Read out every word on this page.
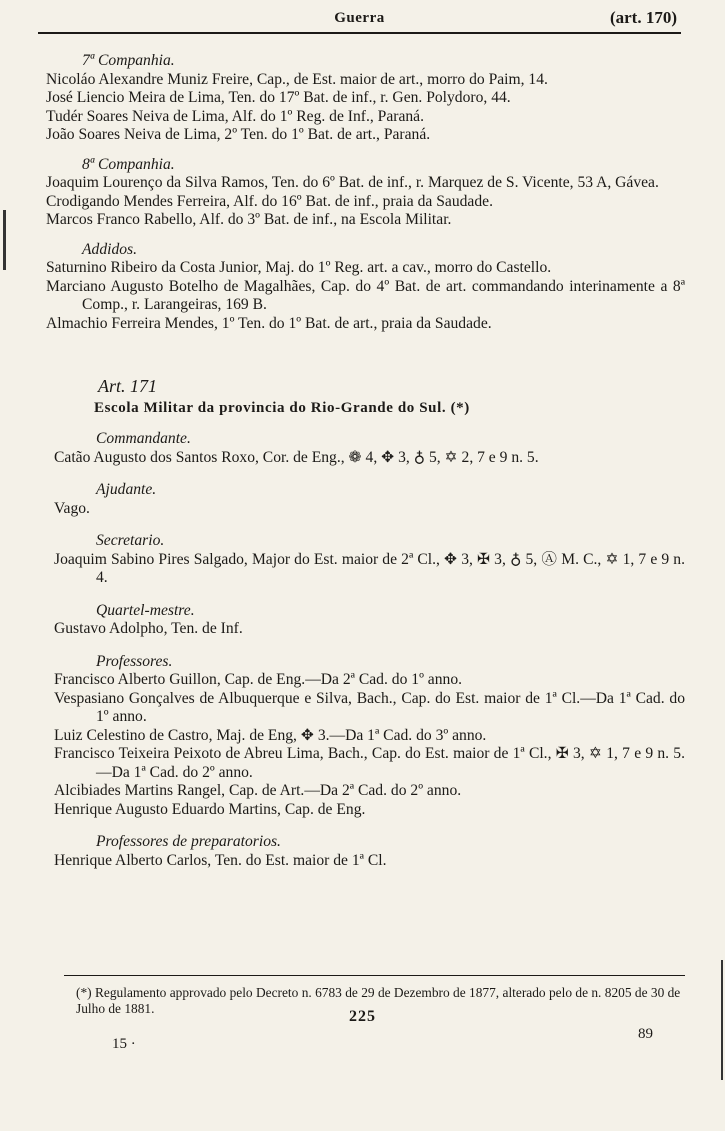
Guerra	(art. 170)

7ª Companhia.

Nicoláo Alexandre Muniz Freire, Cap., de Est. maior de art., morro do Paim, 14.

José Liencio Meira de Lima, Ten. do 17º Bat. de inf., r. Gen. Polydoro, 44.

Tudér Soares Neiva de Lima, Alf. do 1º Reg. de Inf., Paraná.

João Soares Neiva de Lima, 2º Ten. do 1º Bat. de art., Paraná.

8ª Companhia.

Joaquim Lourenço da Silva Ramos, Ten. do 6º Bat. de inf., r. Marquez de S. Vicente, 53 A, Gávea.

Crodigando Mendes Ferreira, Alf. do 16º Bat. de inf., praia da Saudade.

Marcos Franco Rabello, Alf. do 3º Bat. de inf., na Escola Militar.

Addidos.

Saturnino Ribeiro da Costa Junior, Maj. do 1º Reg. art. a cav., morro do Castello.

Marciano Augusto Botelho de Magalhães, Cap. do 4º Bat. de art. commandando interinamente a 8ª Comp., r. Larangeiras, 169 B.

Almachio Ferreira Mendes, 1º Ten. do 1º Bat. de art., praia da Saudade.

Art. 171

Escola Militar da provincia do Rio-Grande do Sul. (*)

Commandante.

Catão Augusto dos Santos Roxo, Cor. de Eng., ❁ 4, ✥ 3, ♁ 5, ✡ 2, 7 e 9 n. 5.

Ajudante.

Vago.

Secretario.

Joaquim Sabino Pires Salgado, Major do Est. maior de 2ª Cl., ✥ 3, ✠ 3, ♁ 5, Ⓐ M. C., ✡ 1, 7 e 9 n. 4.

Quartel-mestre.

Gustavo Adolpho, Ten. de Inf.

Professores.

Francisco Alberto Guillon, Cap. de Eng.—Da 2ª Cad. do 1º anno.

Vespasiano Gonçalves de Albuquerque e Silva, Bach., Cap. do Est. maior de 1ª Cl.—Da 1ª Cad. do 1º anno.

Luiz Celestino de Castro, Maj. de Eng, ✥ 3.—Da 1ª Cad. do 3º anno.

Francisco Teixeira Peixoto de Abreu Lima, Bach., Cap. do Est. maior de 1ª Cl., ✠ 3, ✡ 1, 7 e 9 n. 5.—Da 1ª Cad. do 2º anno.

Alcibiades Martins Rangel, Cap. de Art.—Da 2ª Cad. do 2º anno.

Henrique Augusto Eduardo Martins, Cap. de Eng.

Professores de preparatorios.

Henrique Alberto Carlos, Ten. do Est. maior de 1ª Cl.

(*) Regulamento approvado pelo Decreto n. 6783 de 29 de Dezembro de 1877, alterado pelo de n. 8205 de 30 de Julho de 1881.	225
89
15 ·
